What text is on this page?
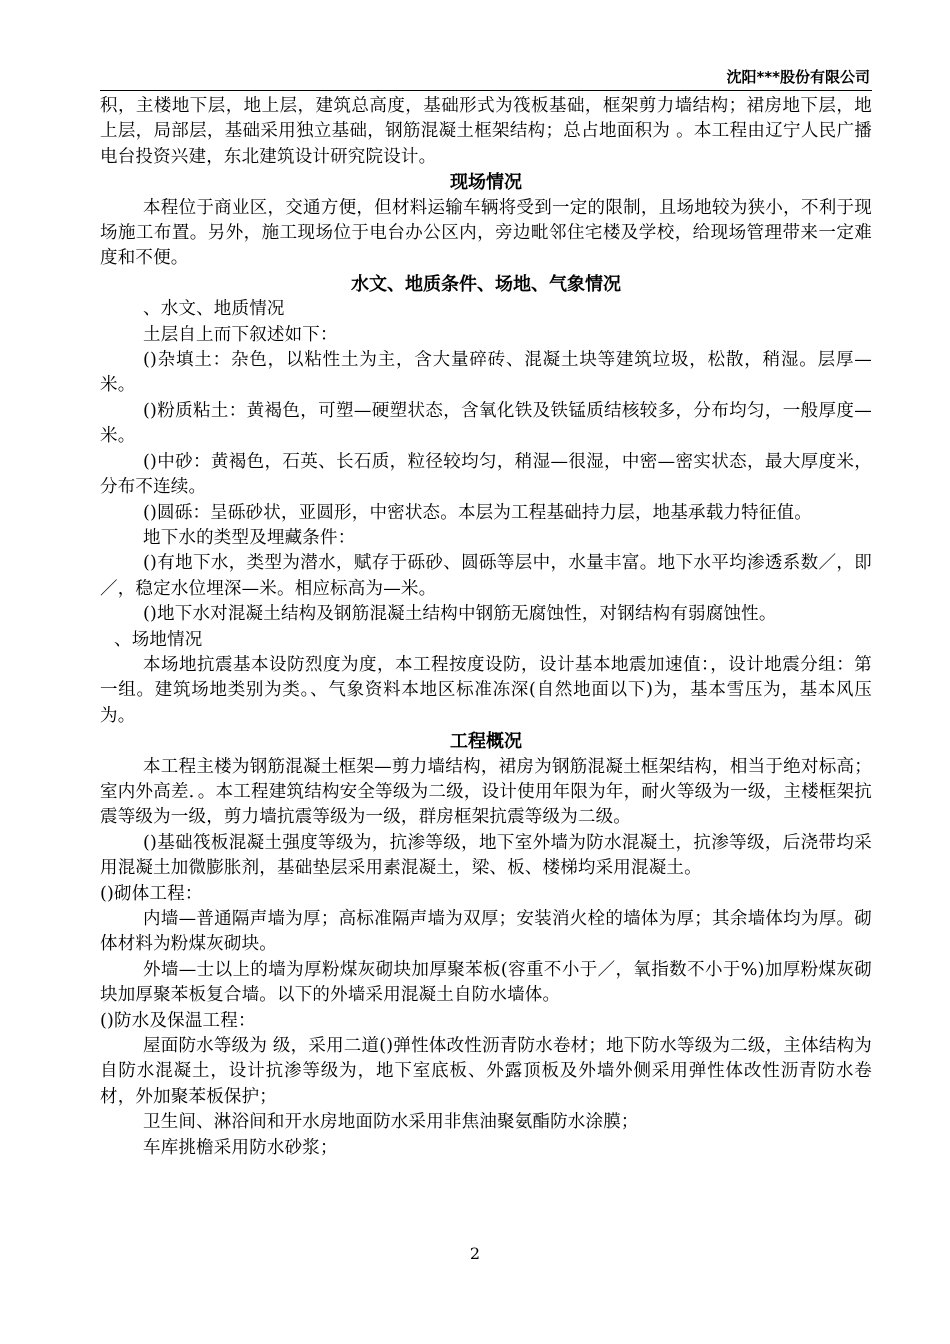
沈阳***股份有限公司

积，主楼地下层，地上层，建筑总高度，基础形式为筏板基础，框架剪力墙结构；裙房地下层，地上层，局部层，基础采用独立基础，钢筋混凝土框架结构；总占地面积为 。本工程由辽宁人民广播电台投资兴建，东北建筑设计研究院设计。

现场情况

本程位于商业区，交通方便，但材料运输车辆将受到一定的限制，且场地较为狭小，不利于现场施工布置。另外，施工现场位于电台办公区内，旁边毗邻住宅楼及学校，给现场管理带来一定难度和不便。

水文、地质条件、场地、气象情况

、水文、地质情况

土层自上而下叙述如下：

()杂填土：杂色，以粘性土为主，含大量碎砖、混凝土块等建筑垃圾，松散，稍湿。层厚—米。

()粉质粘土：黄褐色，可塑—硬塑状态，含氧化铁及铁锰质结核较多，分布均匀，一般厚度—米。

()中砂：黄褐色，石英、长石质，粒径较均匀，稍湿—很湿，中密—密实状态，最大厚度米，分布不连续。

()圆砾：呈砾砂状，亚圆形，中密状态。本层为工程基础持力层，地基承载力特征值。

地下水的类型及埋藏条件：

()有地下水，类型为潜水，赋存于砾砂、圆砾等层中，水量丰富。地下水平均渗透系数／，即／，稳定水位埋深—米。相应标高为—米。

()地下水对混凝土结构及钢筋混凝土结构中钢筋无腐蚀性，对钢结构有弱腐蚀性。

、场地情况

本场地抗震基本设防烈度为度，本工程按度设防，设计基本地震加速值：，设计地震分组：第一组。建筑场地类别为类。、气象资料本地区标准冻深(自然地面以下)为，基本雪压为，基本风压为。

工程概况

本工程主楼为钢筋混凝土框架—剪力墙结构，裙房为钢筋混凝土框架结构，相当于绝对标高；室内外高差．。本工程建筑结构安全等级为二级，设计使用年限为年，耐火等级为一级，主楼框架抗震等级为一级，剪力墙抗震等级为一级，群房框架抗震等级为二级。

()基础筏板混凝土强度等级为，抗渗等级，地下室外墙为防水混凝土，抗渗等级，后浇带均采用混凝土加微膨胀剂，基础垫层采用素混凝土，梁、板、楼梯均采用混凝土。

()砌体工程：

内墙—普通隔声墙为厚；高标准隔声墙为双厚；安装消火栓的墙体为厚；其余墙体均为厚。砌体材料为粉煤灰砌块。

外墙—士以上的墙为厚粉煤灰砌块加厚聚苯板(容重不小于／，氧指数不小于%)加厚粉煤灰砌块加厚聚苯板复合墙。以下的外墙采用混凝土自防水墙体。

()防水及保温工程：

屋面防水等级为 级，采用二道()弹性体改性沥青防水卷材；地下防水等级为二级，主体结构为自防水混凝土，设计抗渗等级为，地下室底板、外露顶板及外墙外侧采用弹性体改性沥青防水卷材，外加聚苯板保护；

卫生间、淋浴间和开水房地面防水采用非焦油聚氨酯防水涂膜；

车库挑檐采用防水砂浆；

2
